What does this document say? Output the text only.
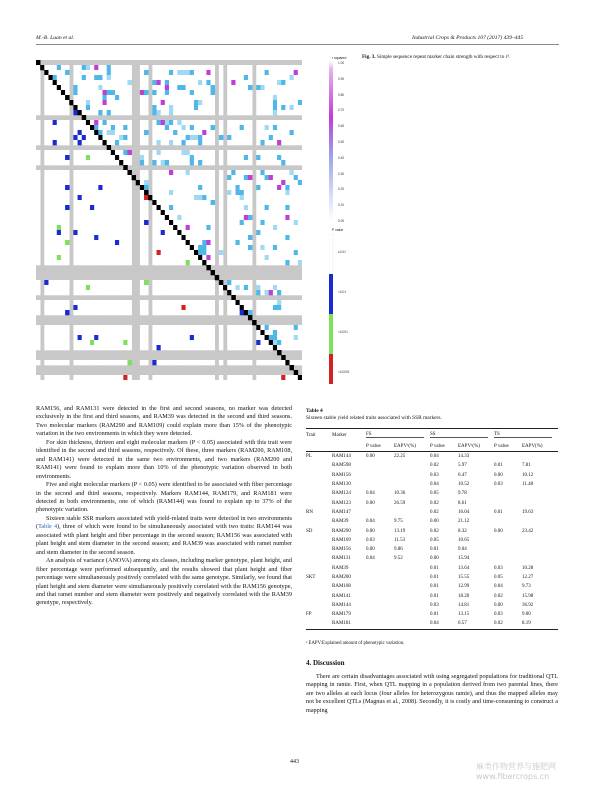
M.-B. Luan et al.	Industrial Crops & Products 107 (2017) 439–445
r squared
1.00
0.90
0.80
0.70
0.60
0.50
0.40
0.30
0.20
0.10
0.00
P value
≥0.01
<0.01
<0.001
<0.0001
Fig. 3. Simple sequence repeat marker chain strength with respect to r².

RAM156, and RAM131 were detected in the first and second seasons, no marker was detected exclusively in the first and third seasons, and RAM39 was detected in the second and third seasons. Two molecular markers (RAM290 and RAM109) could explain more than 15% of the phenotypic variation in the two environments in which they were detected.

For skin thickness, thirteen and eight molecular markers (P < 0.05) associated with this trait were identified in the second and third seasons, respectively. Of these, three markers (RAM200, RAM108, and RAM141) were detected in the same two environments, and two markers (RAM200 and RAM141) were found to explain more than 10% of the phenotypic variation observed in both environments.

Five and eight molecular markers (P < 0.05) were identified to be associated with fiber percentage in the second and third seasons, respectively. Markers RAM144, RAM179, and RAM181 were detected in both environments, one of which (RAM144) was found to explain up to 37% of the phenotypic variation.

Sixteen stable SSR markers associated with yield-related traits were detected in two environments (Table 4), three of which were found to be simultaneously associated with two traits: RAM144 was associated with plant height and fiber percentage in the second season; RAM156 was associated with plant height and stem diameter in the second season; and RAM39 was associated with ramet number and stem diameter in the second season.

An analysis of variance (ANOVA) among six classes, including marker genotype, plant height, and fiber percentage were performed subsequently, and the results showed that plant height and fiber percentage were simultaneously positively correlated with the same genotype. Similarly, we found that plant height and stem diameter were simultaneously positively correlated with the RAM156 genotype, and that ramet number and stem diameter were positively and negatively correlated with the RAM39 genotype, respectively.

Table 4
Sixteen stable yield related traits associated with SSR markers.
Trait	Marker	FS		SS		TS	
		P value	EAPVᵃ(%)	P value	EAPVᵃ(%)	P value	EAPV(%)
PL	RAM144	0.00	22.25	0.04	14.33		
	RAM598			0.02	5.97	0.01	7.81
	RAM156			0.03	6.47	0.00	10.12
	RAM130			0.04	10.52	0.03	11.48
	RAM124	0.04	10.36	0.05	9.78		
	RAM123	0.00	26.59	0.02	8.61		
RN	RAM147			0.02	16.04	0.01	19.63
	RAM39	0.04	9.75	0.00	21.12		
SD	RAM290	0.00	13.19	0.02	8.32	0.00	23.42
	RAM109	0.03	11.53	0.05	10.65		
	RAM156	0.00	9.86	0.01	9.04		
	RAM131	0.04	9.52	0.00	15.94		
	RAM39			0.01	13.64	0.03	10.28
SKT	RAM200			0.01	15.55	0.05	12.27
	RAM108			0.01	12.99	0.04	9.73
	RAM141			0.01	18.20	0.02	15.98
	RAM144			0.03	14.81	0.00	36.92
FP	RAM179			0.01	13.15	0.03	9.00
	RAM181			0.04	6.57	0.02	8.19
ᵃ EAPV:Explained amount of phenotypic variation.
4. Discussion

There are certain disadvantages associated with using segregated populations for traditional QTL mapping in ramie. First, when QTL mapping in a population derived from two parental lines, there are two alleles at each locus (four alleles for heterozygous ramie), and thus the mapped alleles may not be excellent QTLs (Magnus et al., 2008). Secondly, it is costly and time-consuming to construct a mapping

443	麻类作物营养与施肥网
www.fibercrops.cn
